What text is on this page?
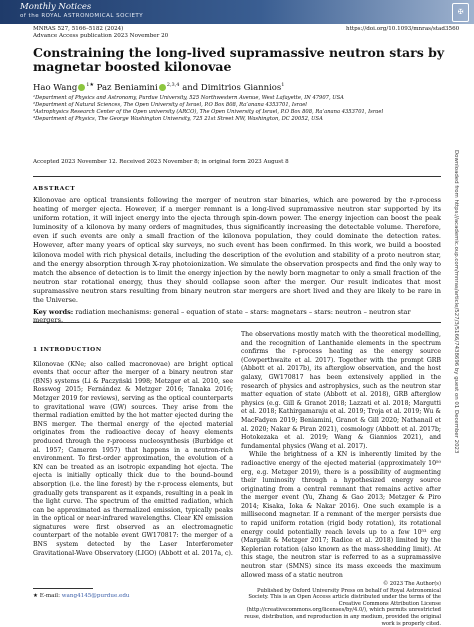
Monthly Notices
of the ROYAL ASTRONOMICAL SOCIETY	✠
MNRAS 527, 5166–5182 (2024)
Advance Access publication 2023 November 20
https://doi.org/10.1093/mnras/stad3560
Constraining the long-lived supramassive neutron stars by magnetar boosted kilonovae
Hao Wang $^{1★}$ Paz Beniamini $^{2,3,4}$ and Dimitrios Giannios$^1$
¹Department of Physics and Astronomy, Purdue University, 525 Northwestern Avenue, West Lafayette, IN 47907, USA
²Department of Natural Sciences, The Open University of Israel, P.O Box 808, Ra’anana 4353701, Israel
³Astrophysics Research Center of the Open university (ARCO), The Open University of Israel, P.O Box 808, Ra’anana 4353701, Israel
⁴Department of Physics, The George Washington University, 725 21st Street NW, Washington, DC 20052, USA
Accepted 2023 November 12. Received 2023 November 8; in original form 2023 August 8
ABSTRACT
Kilonovae are optical transients following the merger of neutron star binaries, which are powered by the r-process heating of merger ejecta. However, if a merger remnant is a long-lived supramassive neutron star supported by its uniform rotation, it will inject energy into the ejecta through spin-down power. The energy injection can boost the peak luminosity of a kilonova by many orders of magnitudes, thus significantly increasing the detectable volume. Therefore, even if such events are only a small fraction of the kilonova population, they could dominate the detection rates. However, after many years of optical sky surveys, no such event has been confirmed. In this work, we build a boosted kilonova model with rich physical details, including the description of the evolution and stability of a proto neutron star, and the energy absorption through X-ray photoionization. We simulate the observation prospects and find the only way to match the absence of detection is to limit the energy injection by the newly born magnetar to only a small fraction of the neutron star rotational energy, thus they should collapse soon after the merger. Our result indicates that most supramassive neutron stars resulting from binary neutron star mergers are short lived and they are likely to be rare in the Universe.
Key words: radiation mechanisms: general – equation of state – stars: magnetars – stars: neutron – neutron star mergers.
1 INTRODUCTION

Kilonovae (KNe; also called macronovae) are bright optical events that occur after the merger of a binary neutron star (BNS) systems (Li & Paczyński 1998; Metzger et al. 2010, see Rosswog 2015; Fernández & Metzger 2016; Tanaka 2016; Metzger 2019 for reviews), serving as the optical counterparts to gravitational wave (GW) sources. They arise from the thermal radiation emitted by the hot matter ejected during the BNS merger. The thermal energy of the ejected material originates from the radioactive decay of heavy elements produced through the r-process nucleosynthesis (Burbidge et al. 1957; Cameron 1957) that happens in a neutron-rich environment. To first-order approximation, the evolution of a KN can be treated as an isotropic expanding hot ejecta. The ejecta is initially optically thick due to the bound–bound absorption (i.e. the line forest) by the r-process elements, but gradually gets transparent as it expands, resulting in a peak in the light curve. The spectrum of the emitted radiation, which can be approximated as thermalized emission, typically peaks in the optical or near-infrared wavelengths. Clear KN emission signatures were first observed as an electromagnetic counterpart of the notable event GW170817: the merger of a BNS system detected by the Laser Interferometer Gravitational-Wave Observatory (LIGO) (Abbott et al. 2017a, c).

The observations mostly match with the theoretical modelling, and the recognition of Lanthanide elements in the spectrum confirms the r-process heating as the energy source (Cowperthwaite et al. 2017). Together with the prompt GRB (Abbott et al. 2017b), its afterglow observation, and the host galaxy, GW170817 has been extensively applied in the research of physics and astrophysics, such as the neutron star matter equation of state (Abbott et al. 2018), GRB afterglow physics (e.g. Gill & Granot 2018; Lazzati et al. 2018; Margutti et al. 2018; Kathirgamaraju et al. 2019; Troja et al. 2019; Wu & MacFadyen 2019; Beniamini, Granot & Gill 2020; Nathanail et al. 2020; Nakar & Piran 2021), cosmology (Abbott et al. 2017b; Hotokezaka et al. 2019; Wang & Giannios 2021), and fundamental physics (Wang et al. 2017).

While the brightness of a KN is inherently limited by the radioactive energy of the ejected material (approximately 10⁵⁰ erg, e.g. Metzger 2019), there is a possibility of augmenting their luminosity through a hypothesized energy source originating from a central remnant that remains active after the merger event (Yu, Zhang & Gao 2013; Metzger & Piro 2014; Kisaka, Ioka & Nakar 2016). One such example is a millisecond magnetar. If a remnant of the merger persists due to rapid uniform rotation (rigid body rotation), its rotational energy could potentially reach levels up to a few 10⁵³ erg (Margalit & Metzger 2017; Radice et al. 2018) limited by the Keplerian rotation (also known as the mass-shedding limit). At this stage, the neutron star is referred to as a supramassive neutron star (SMNS) since its mass exceeds the maximum allowed mass of a static neutron

★ E-mail: wang4145@purdue.edu
© 2023 The Author(s)
Published by Oxford University Press on behalf of Royal Astronomical Society. This is an Open Access article distributed under the terms of the Creative Commons Attribution License (http://creativecommons.org/licenses/by/4.0/), which permits unrestricted reuse, distribution, and reproduction in any medium, provided the original work is properly cited.
Downloaded from https://academic.oup.com/mnras/article/527/3/5166/7438696 by guest on 01 December 2023
